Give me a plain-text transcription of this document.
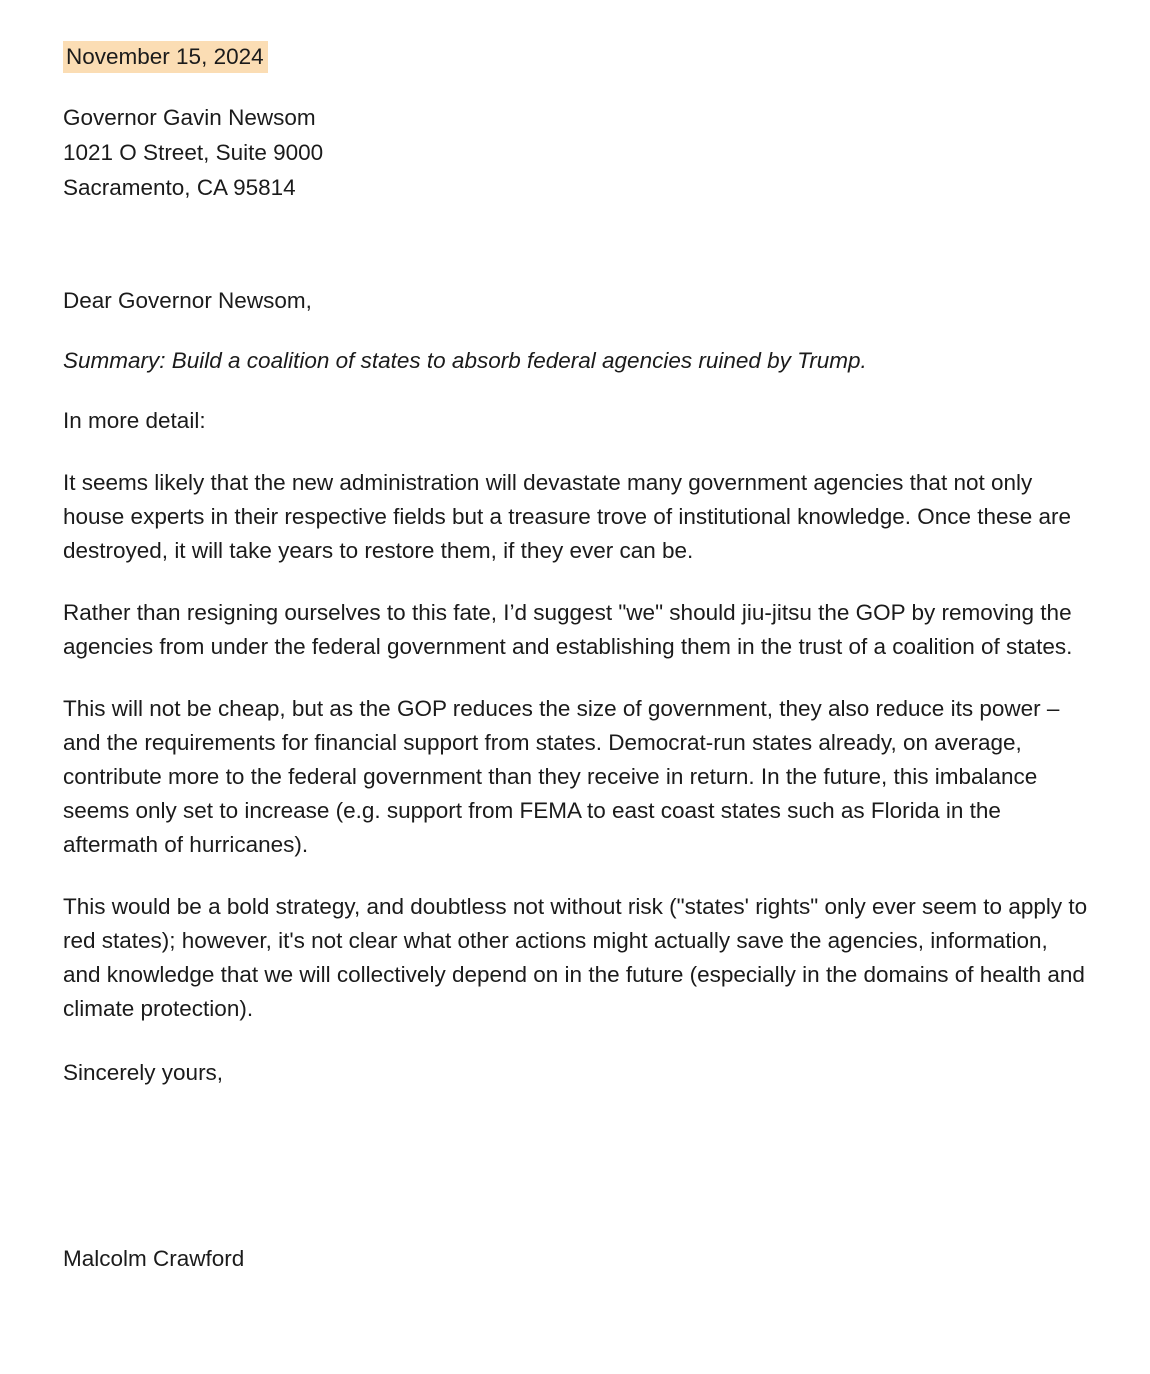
November 15, 2024

Governor Gavin Newsom

1021 O Street, Suite 9000

Sacramento, CA 95814

Dear Governor Newsom,

Summary: Build a coalition of states to absorb federal agencies ruined by Trump.

In more detail:

It seems likely that the new administration will devastate many government agencies that not only house experts in their respective fields but a treasure trove of institutional knowledge. Once these are destroyed, it will take years to restore them, if they ever can be.

Rather than resigning ourselves to this fate, I’d suggest "we" should jiu-jitsu the GOP by removing the agencies from under the federal government and establishing them in the trust of a coalition of states.

This will not be cheap, but as the GOP reduces the size of government, they also reduce its power – and the requirements for financial support from states. Democrat-run states already, on average, contribute more to the federal government than they receive in return. In the future, this imbalance seems only set to increase (e.g. support from FEMA to east coast states such as Florida in the aftermath of hurricanes).

This would be a bold strategy, and doubtless not without risk ("states' rights" only ever seem to apply to red states); however, it's not clear what other actions might actually save the agencies, information, and knowledge that we will collectively depend on in the future (especially in the domains of health and climate protection).

Sincerely yours,

Malcolm Crawford
